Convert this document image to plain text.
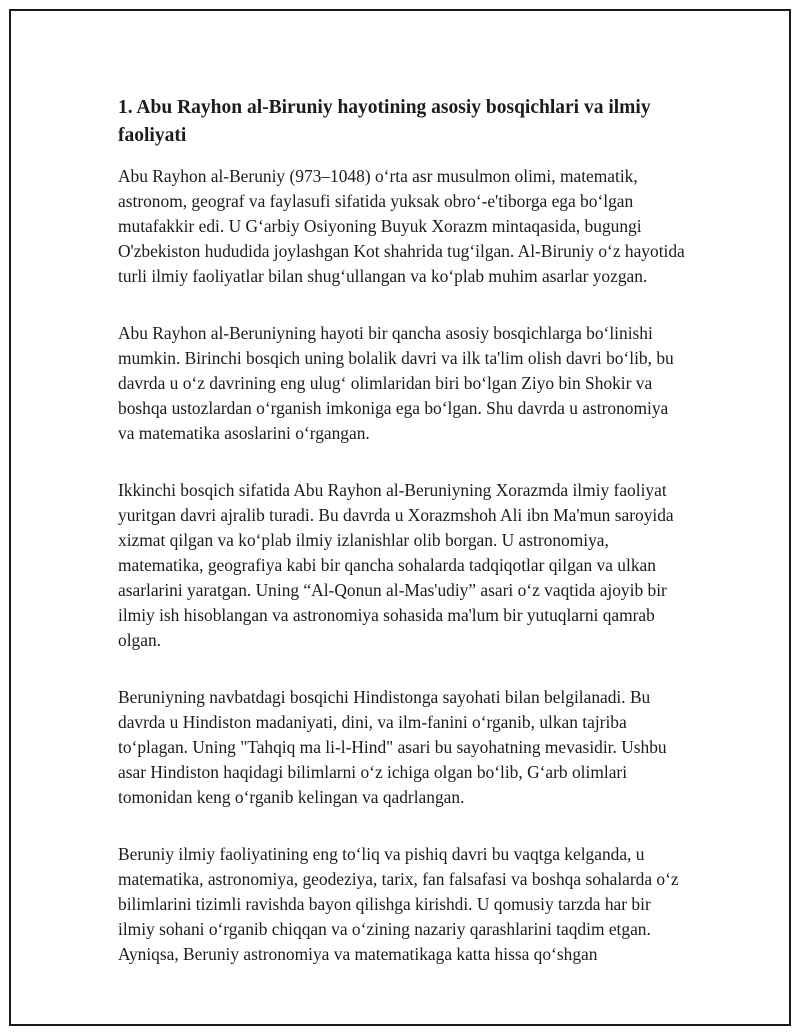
1. Abu Rayhon al-Biruniy hayotining asosiy bosqichlari va ilmiy faoliyati

Abu Rayhon al-Beruniy (973–1048) oʻrta asr musulmon olimi, matematik, astronom, geograf va faylasufi sifatida yuksak obroʻ-e'tiborga ega boʻlgan mutafakkir edi. U Gʻarbiy Osiyoning Buyuk Xorazm mintaqasida, bugungi O'zbekiston hududida joylashgan Kot shahrida tugʻilgan. Al-Biruniy oʻz hayotida turli ilmiy faoliyatlar bilan shugʻullangan va koʻplab muhim asarlar yozgan.

Abu Rayhon al-Beruniyning hayoti bir qancha asosiy bosqichlarga boʻlinishi mumkin. Birinchi bosqich uning bolalik davri va ilk ta'lim olish davri boʻlib, bu davrda u oʻz davrining eng ulugʻ olimlaridan biri boʻlgan Ziyo bin Shokir va boshqa ustozlardan oʻrganish imkoniga ega boʻlgan. Shu davrda u astronomiya va matematika asoslarini oʻrgangan.

Ikkinchi bosqich sifatida Abu Rayhon al-Beruniyning Xorazmda ilmiy faoliyat yuritgan davri ajralib turadi. Bu davrda u Xorazmshoh Ali ibn Ma'mun saroyida xizmat qilgan va koʻplab ilmiy izlanishlar olib borgan. U astronomiya, matematika, geografiya kabi bir qancha sohalarda tadqiqotlar qilgan va ulkan asarlarini yaratgan. Uning “Al-Qonun al-Mas'udiy” asari oʻz vaqtida ajoyib bir ilmiy ish hisoblangan va astronomiya sohasida ma'lum bir yutuqlarni qamrab olgan.

Beruniyning navbatdagi bosqichi Hindistonga sayohati bilan belgilanadi. Bu davrda u Hindiston madaniyati, dini, va ilm-fanini oʻrganib, ulkan tajriba toʻplagan. Uning "Tahqiq ma li-l-Hind" asari bu sayohatning mevasidir. Ushbu asar Hindiston haqidagi bilimlarni oʻz ichiga olgan boʻlib, Gʻarb olimlari tomonidan keng oʻrganib kelingan va qadrlangan.

Beruniy ilmiy faoliyatining eng toʻliq va pishiq davri bu vaqtga kelganda, u matematika, astronomiya, geodeziya, tarix, fan falsafasi va boshqa sohalarda oʻz bilimlarini tizimli ravishda bayon qilishga kirishdi. U qomusiy tarzda har bir ilmiy sohani oʻrganib chiqqan va oʻzining nazariy qarashlarini taqdim etgan. Ayniqsa, Beruniy astronomiya va matematikaga katta hissa qoʻshgan
